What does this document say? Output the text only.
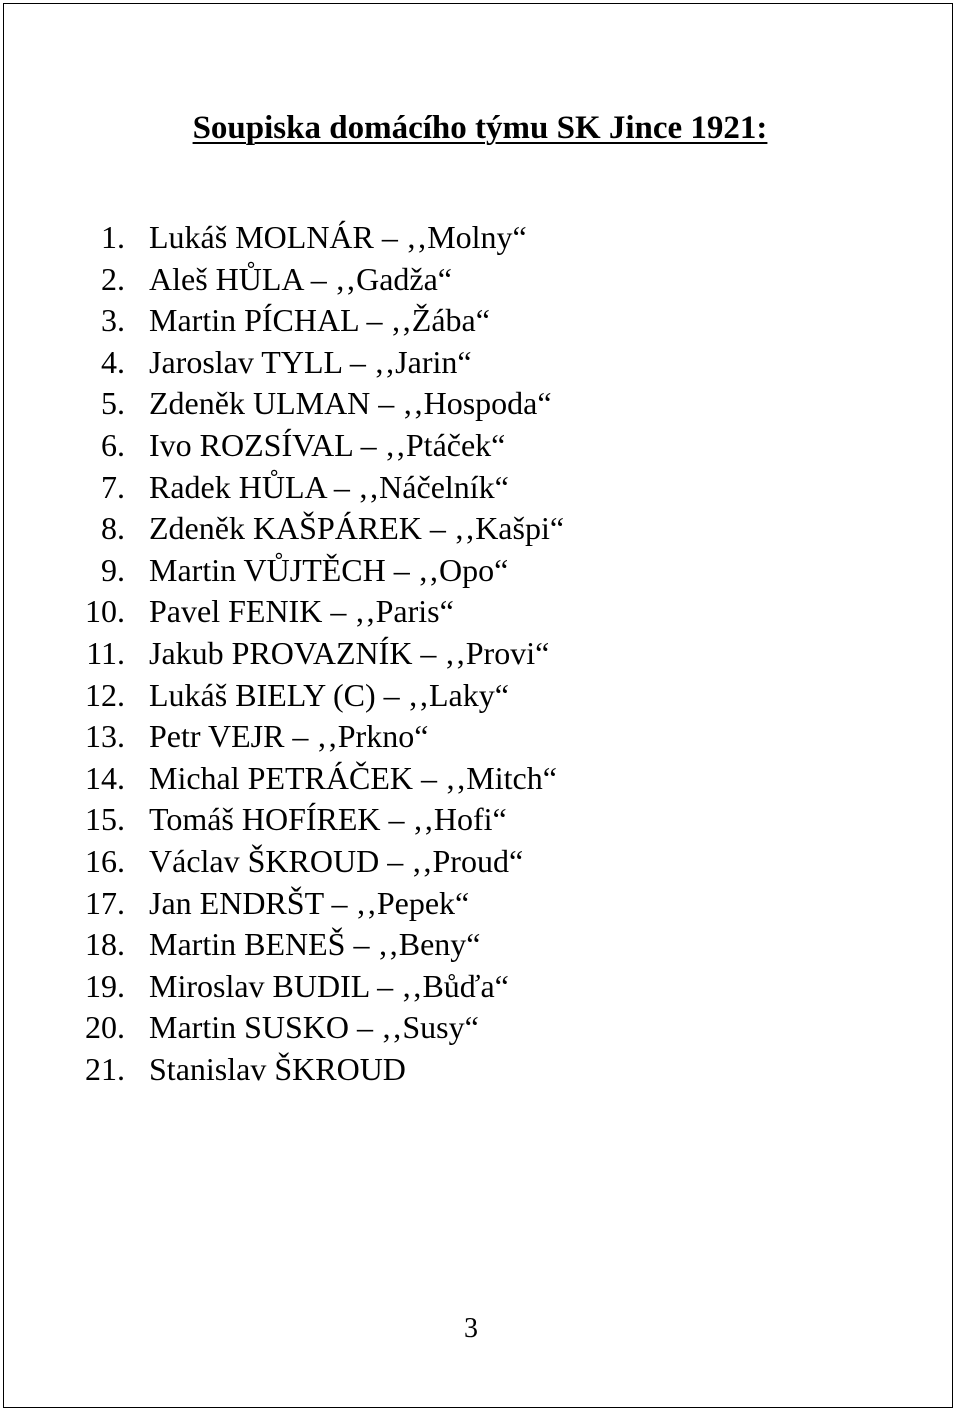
Soupiska domácího týmu SK Jince 1921:
1. Lukáš MOLNÁR – ‚‚Molny“
2. Aleš HŮLA – ‚‚Gadža“
3. Martin PÍCHAL – ‚‚Žába“
4. Jaroslav TYLL – ‚‚Jarin“
5. Zdeněk ULMAN – ‚‚Hospoda“
6. Ivo ROZSÍVAL – ‚‚Ptáček“
7. Radek HŮLA – ‚‚Náčelník“
8. Zdeněk KAŠPÁREK – ‚‚Kašpi“
9. Martin VŮJTĚCH – ‚‚Opo“
10. Pavel FENIK – ‚‚Paris“
11. Jakub PROVAZNÍK – ‚‚Provi“
12. Lukáš BIELY (C) – ‚‚Laky“
13. Petr VEJR – ‚‚Prkno“
14. Michal PETRÁČEK – ‚‚Mitch“
15. Tomáš HOFÍREK – ‚‚Hofi“
16. Václav ŠKROUD – ‚‚Proud“
17. Jan ENDRŠT – ‚‚Pepek“
18. Martin BENEŠ – ‚‚Beny“
19. Miroslav BUDIL – ‚‚Bůďa“
20. Martin SUSKO – ‚‚Susy“
21. Stanislav ŠKROUD
3
